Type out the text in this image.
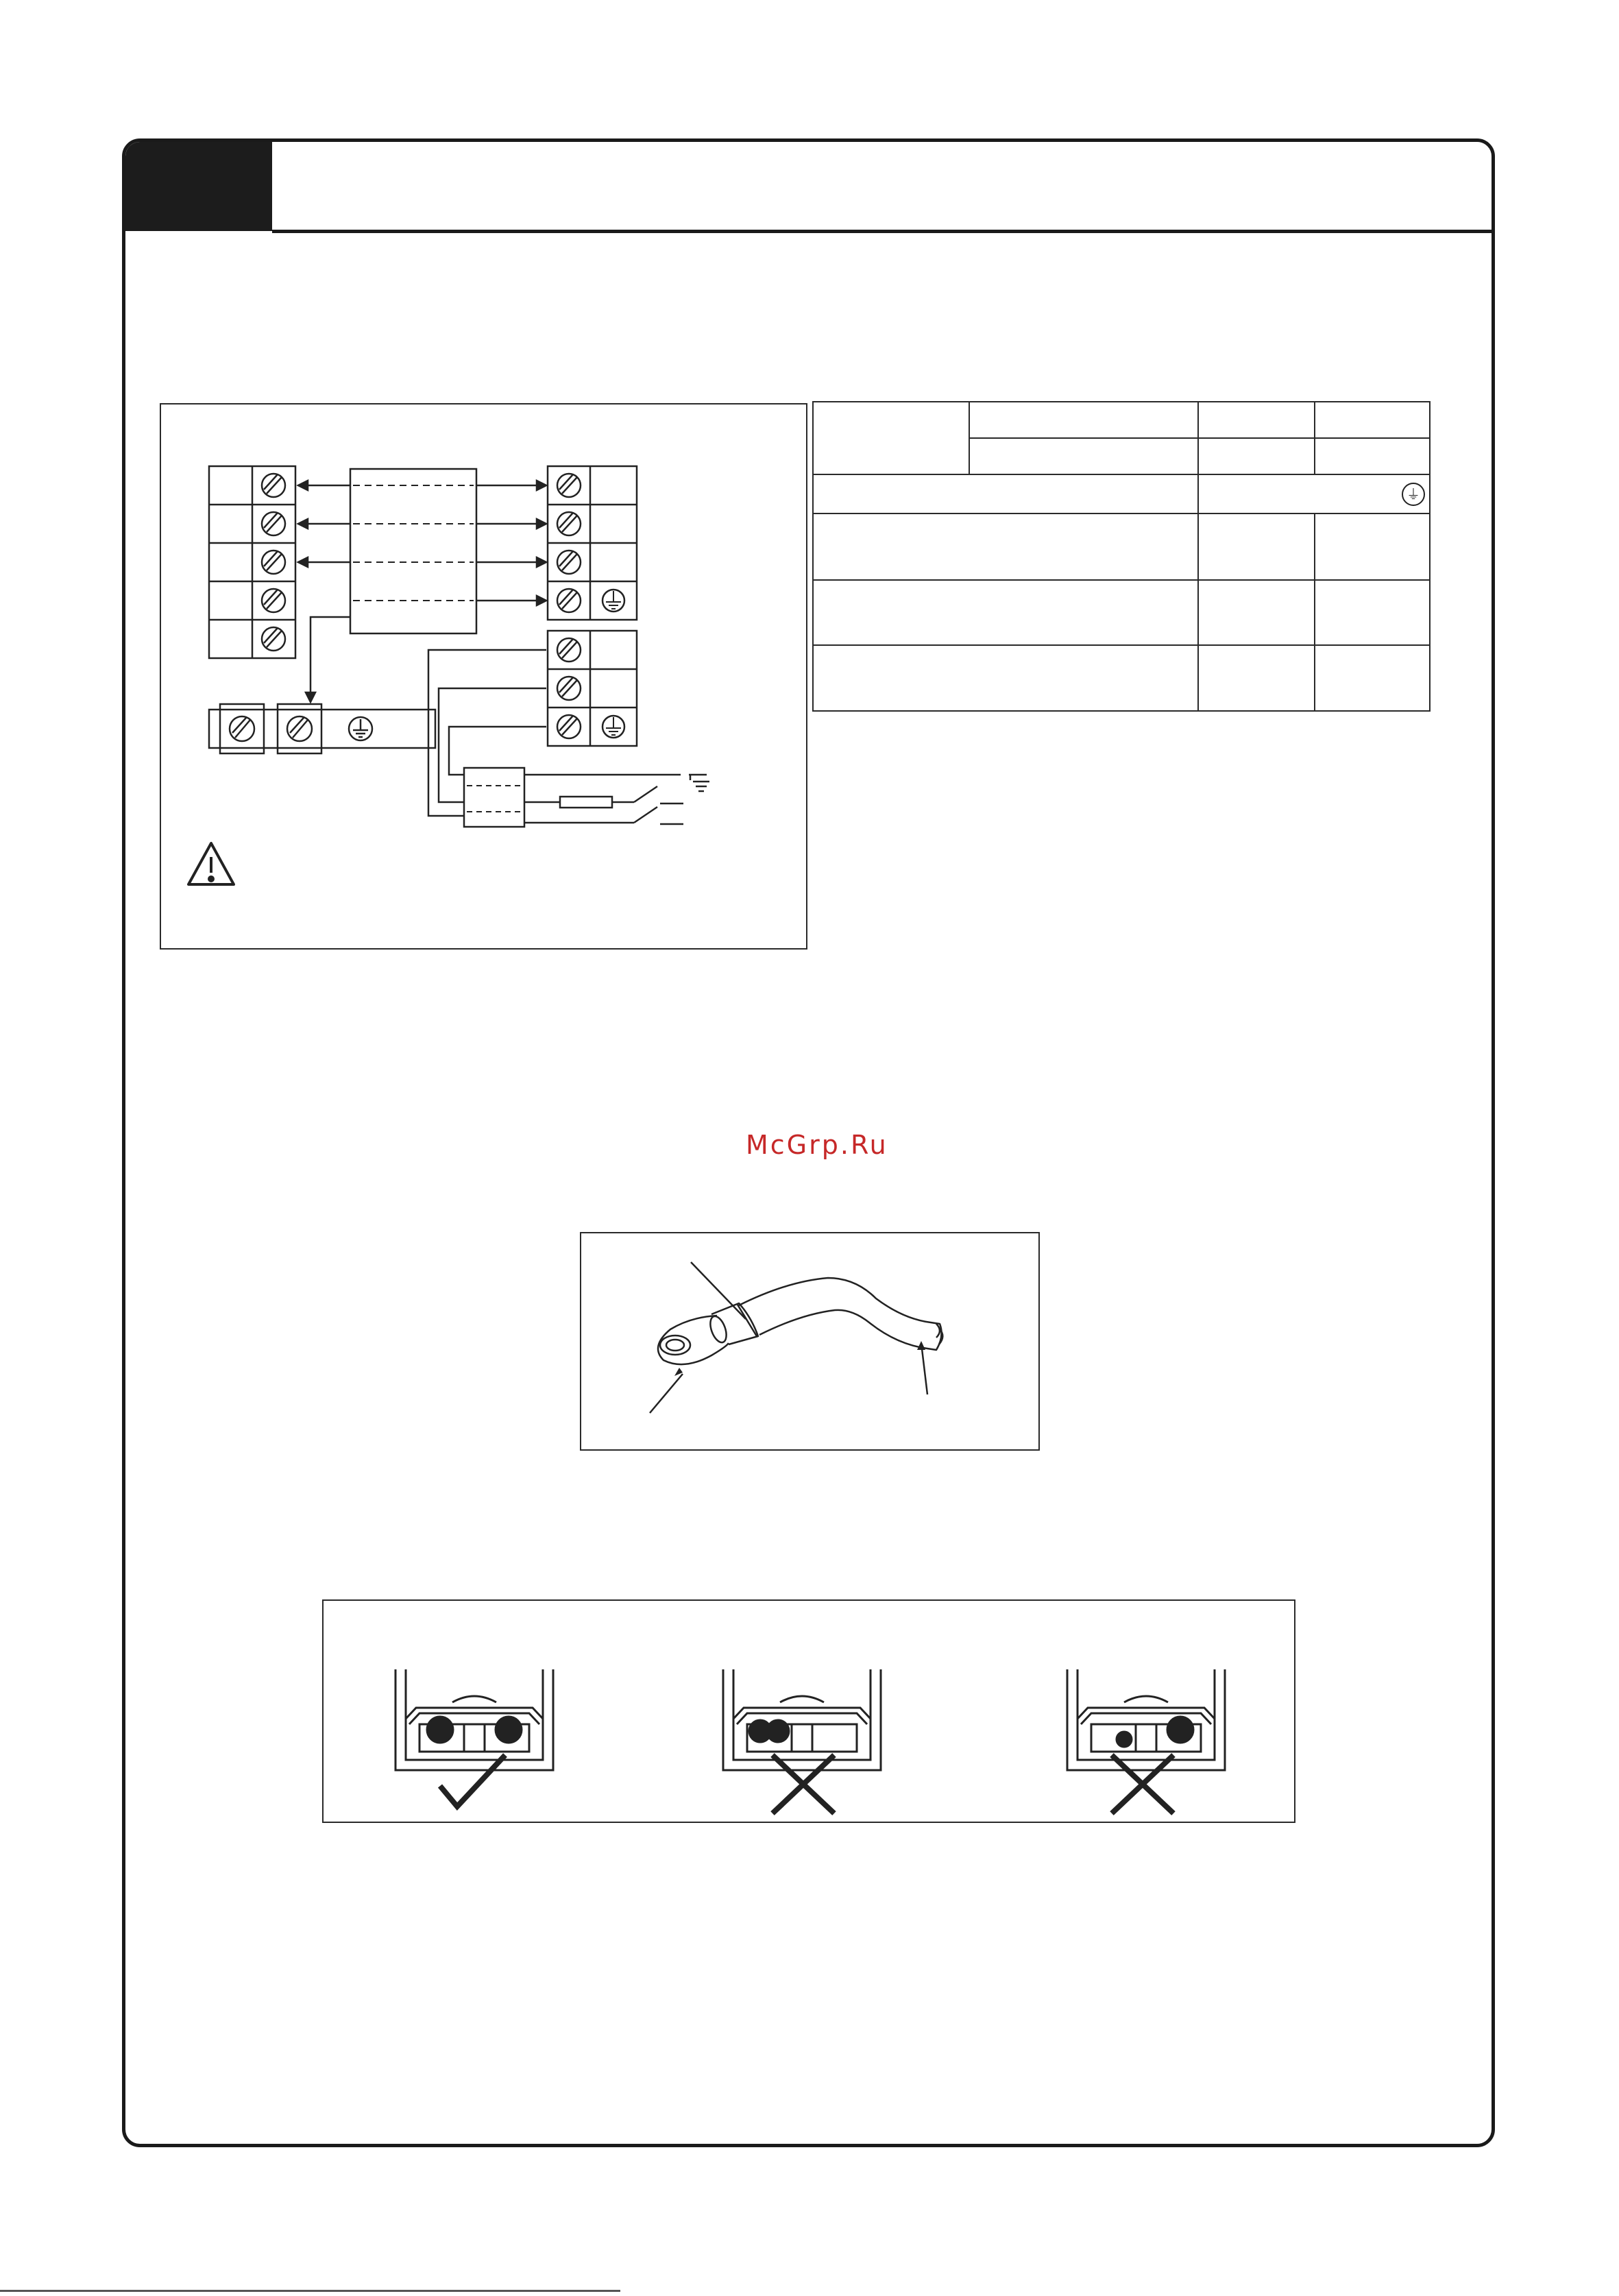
		⏚	

McGrp.Ru
